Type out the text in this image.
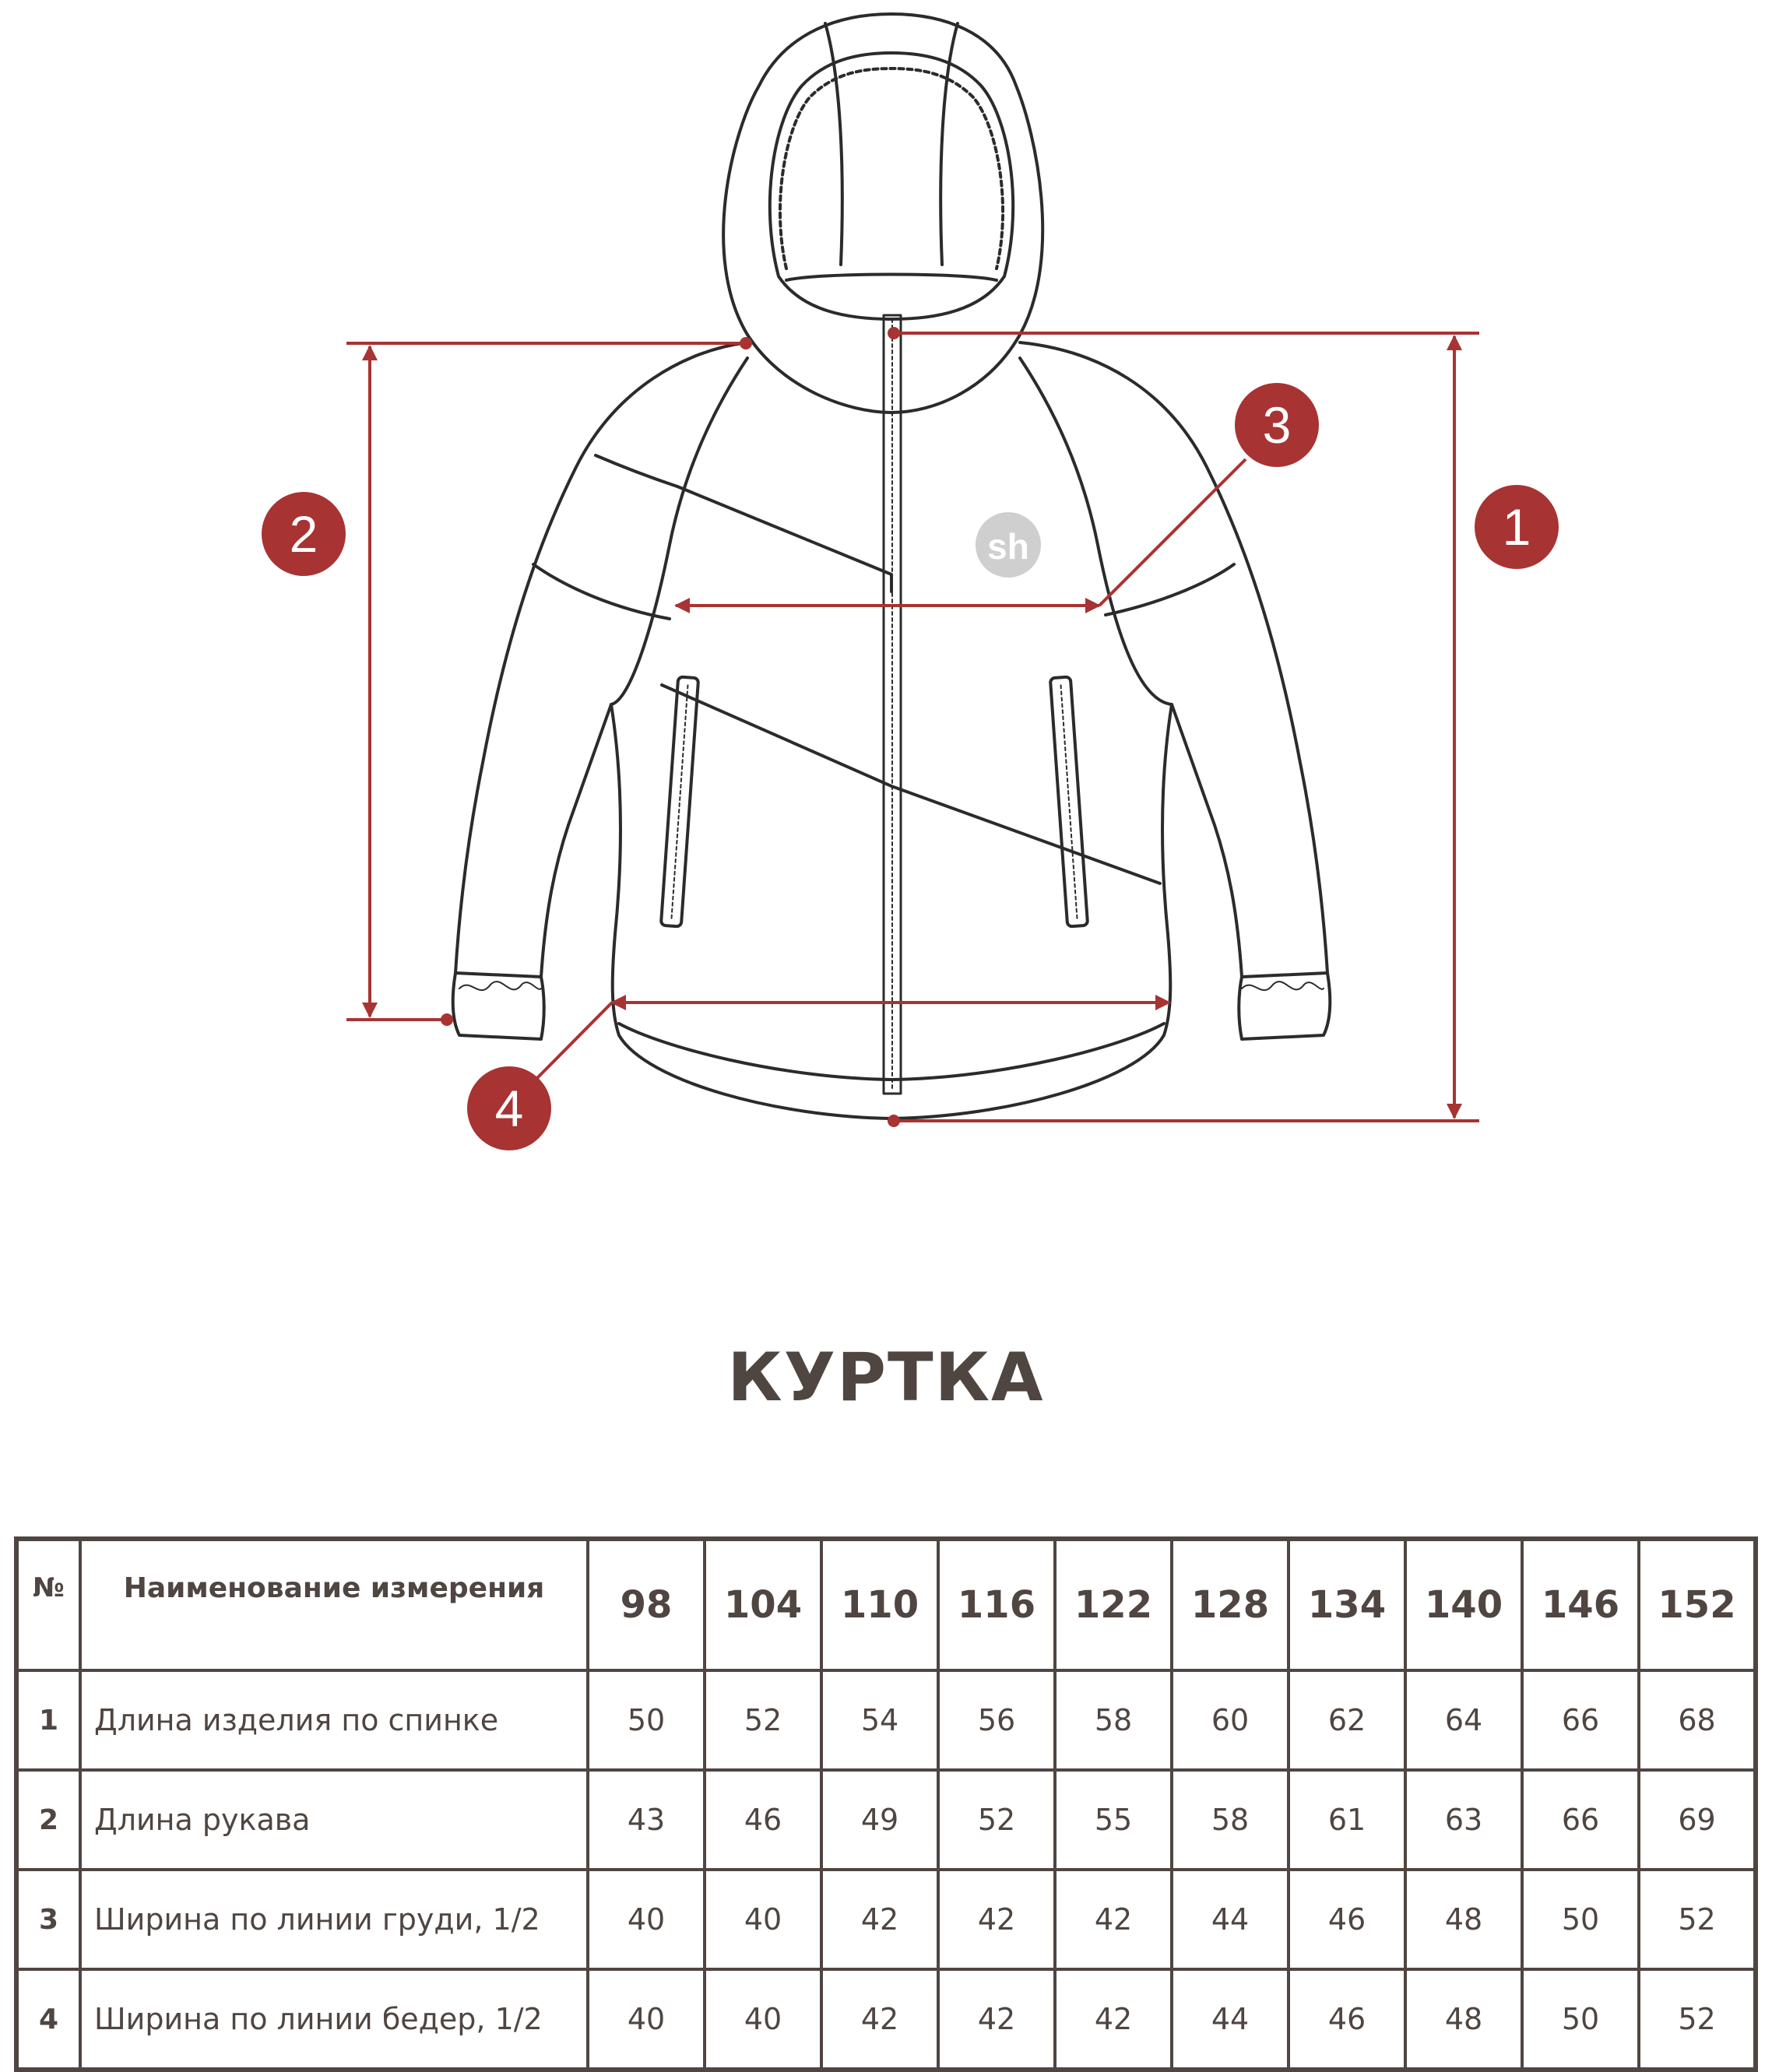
sh	1
2
3
4
КУРТКА
№	Наименование измерения	98	104	110	116	122	128	134	140	146	152
1	Длина изделия по спинке	50	52	54	56	58	60	62	64	66	68
2	Длина рукава	43	46	49	52	55	58	61	63	66	69
3	Ширина по линии груди, 1/2	40	40	42	42	42	44	46	48	50	52
4	Ширина по линии бедер, 1/2	40	40	42	42	42	44	46	48	50	52
